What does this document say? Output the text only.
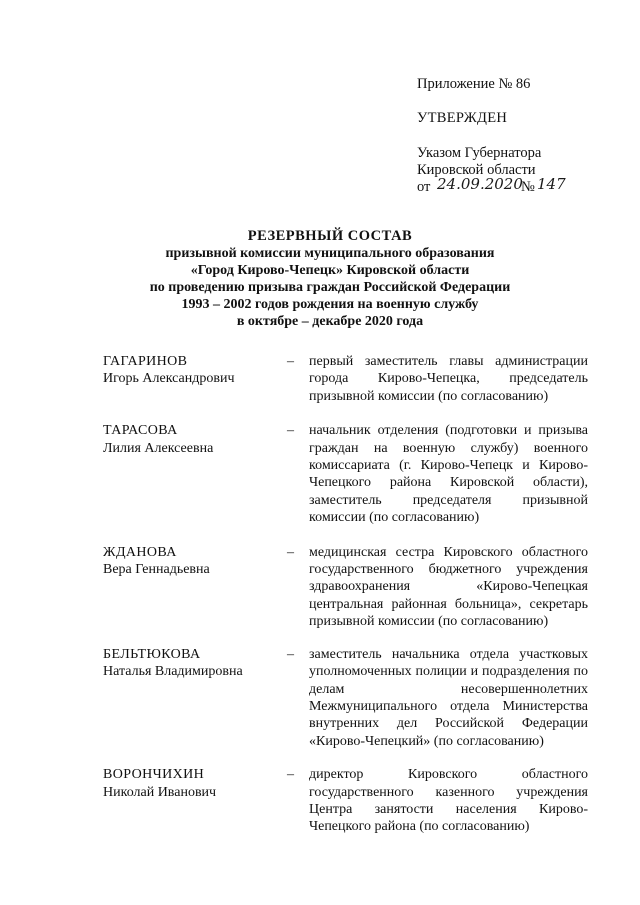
Приложение № 86
УТВЕРЖДЕН
Указом Губернатора
Кировской области
от 24.09.2020
№ 147
РЕЗЕРВНЫЙ СОСТАВ
призывной комиссии муниципального образования
«Город Кирово-Чепецк» Кировской области
по проведению призыва граждан Российской Федерации
1993 – 2002 годов рождения на военную службу
в октябре – декабре 2020 года
ГАГАРИНОВ
Игорь Александрович
– первый заместитель главы администрации города Кирово-Чепецка, председатель призывной комиссии (по согласованию)
ТАРАСОВА
Лилия Алексеевна
– начальник отделения (подготовки и призыва граждан на военную службу) военного комиссариата (г. Кирово-Чепецк и Кирово-Чепецкого района Кировской области), заместитель председателя призывной комиссии (по согласованию)
ЖДАНОВА
Вера Геннадьевна
– медицинская сестра Кировского областного государственного бюджетного учреждения здравоохранения «Кирово-Чепецкая центральная районная больница», секретарь призывной комиссии (по согласованию)
БЕЛЬТЮКОВА
Наталья Владимировна
– заместитель начальника отдела участковых уполномоченных полиции и подразделения по делам несовершеннолетних Межмуниципального отдела Министерства внутренних дел Российской Федерации «Кирово-Чепецкий» (по согласованию)
ВОРОНЧИХИН
Николай Иванович
– директор Кировского областного государственного казенного учреждения Центра занятости населения Кирово-Чепецкого района (по согласованию)
